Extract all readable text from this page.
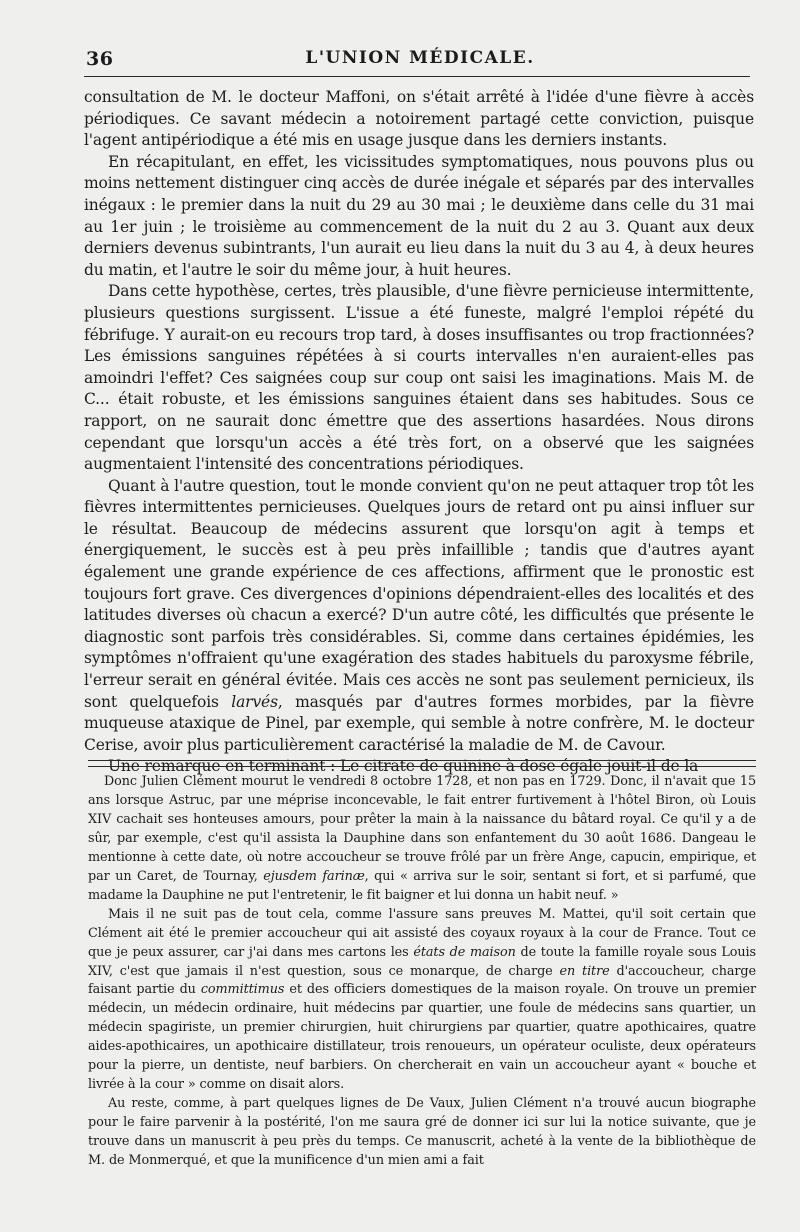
36	L'UNION MÉDICALE.

consultation de M. le docteur Maffoni, on s'était arrêté à l'idée d'une fièvre à accès périodiques. Ce savant médecin a notoirement partagé cette conviction, puisque l'agent antipériodique a été mis en usage jusque dans les derniers instants.

En récapitulant, en effet, les vicissitudes symptomatiques, nous pouvons plus ou moins nettement distinguer cinq accès de durée inégale et séparés par des intervalles inégaux : le premier dans la nuit du 29 au 30 mai ; le deuxième dans celle du 31 mai au 1er juin ; le troisième au commencement de la nuit du 2 au 3. Quant aux deux derniers devenus subintrants, l'un aurait eu lieu dans la nuit du 3 au 4, à deux heures du matin, et l'autre le soir du même jour, à huit heures.

Dans cette hypothèse, certes, très plausible, d'une fièvre pernicieuse intermittente, plusieurs questions surgissent. L'issue a été funeste, malgré l'emploi répété du fébrifuge. Y aurait-on eu recours trop tard, à doses insuffisantes ou trop fractionnées? Les émissions sanguines répétées à si courts intervalles n'en auraient-elles pas amoindri l'effet? Ces saignées coup sur coup ont saisi les imaginations. Mais M. de C... était robuste, et les émissions sanguines étaient dans ses habitudes. Sous ce rapport, on ne saurait donc émettre que des assertions hasardées. Nous dirons cependant que lorsqu'un accès a été très fort, on a observé que les saignées augmentaient l'intensité des concentrations périodiques.

Quant à l'autre question, tout le monde convient qu'on ne peut attaquer trop tôt les fièvres intermittentes pernicieuses. Quelques jours de retard ont pu ainsi influer sur le résultat. Beaucoup de médecins assurent que lorsqu'on agit à temps et énergiquement, le succès est à peu près infaillible ; tandis que d'autres ayant également une grande expérience de ces affections, affirment que le pronostic est toujours fort grave. Ces divergences d'opinions dépendraient-elles des localités et des latitudes diverses où chacun a exercé? D'un autre côté, les difficultés que présente le diagnostic sont parfois très considérables. Si, comme dans certaines épidémies, les symptômes n'offraient qu'une exagération des stades habituels du paroxysme fébrile, l'erreur serait en général évitée. Mais ces accès ne sont pas seulement pernicieux, ils sont quelquefois larvés, masqués par d'autres formes morbides, par la fièvre muqueuse ataxique de Pinel, par exemple, qui semble à notre confrère, M. le docteur Cerise, avoir plus particulièrement caractérisé la maladie de M. de Cavour.

Une remarque en terminant : Le citrate de quinine à dose égale jouit-il de la

Donc Julien Clément mourut le vendredi 8 octobre 1728, et non pas en 1729. Donc, il n'avait que 15 ans lorsque Astruc, par une méprise inconcevable, le fait entrer furtivement à l'hôtel Biron, où Louis XIV cachait ses honteuses amours, pour prêter la main à la naissance du bâtard royal. Ce qu'il y a de sûr, par exemple, c'est qu'il assista la Dauphine dans son enfantement du 30 août 1686. Dangeau le mentionne à cette date, où notre accoucheur se trouve frôlé par un frère Ange, capucin, empirique, et par un Caret, de Tournay, ejusdem farinæ, qui « arriva sur le soir, sentant si fort, et si parfumé, que madame la Dauphine ne put l'entretenir, le fit baigner et lui donna un habit neuf. »

Mais il ne suit pas de tout cela, comme l'assure sans preuves M. Mattei, qu'il soit certain que Clément ait été le premier accoucheur qui ait assisté des coyaux royaux à la cour de France. Tout ce que je peux assurer, car j'ai dans mes cartons les états de maison de toute la famille royale sous Louis XIV, c'est que jamais il n'est question, sous ce monarque, de charge en titre d'accoucheur, charge faisant partie du committimus et des officiers domestiques de la maison royale. On trouve un premier médecin, un médecin ordinaire, huit médecins par quartier, une foule de médecins sans quartier, un médecin spagiriste, un premier chirurgien, huit chirurgiens par quartier, quatre apothicaires, quatre aides-apothicaires, un apothicaire distillateur, trois renoueurs, un opérateur oculiste, deux opérateurs pour la pierre, un dentiste, neuf barbiers. On chercherait en vain un accoucheur ayant « bouche et livrée à la cour » comme on disait alors.

Au reste, comme, à part quelques lignes de De Vaux, Julien Clément n'a trouvé aucun biographe pour le faire parvenir à la postérité, l'on me saura gré de donner ici sur lui la notice suivante, que je trouve dans un manuscrit à peu près du temps. Ce manuscrit, acheté à la vente de la bibliothèque de M. de Monmerqué, et que la munificence d'un mien ami a fait
